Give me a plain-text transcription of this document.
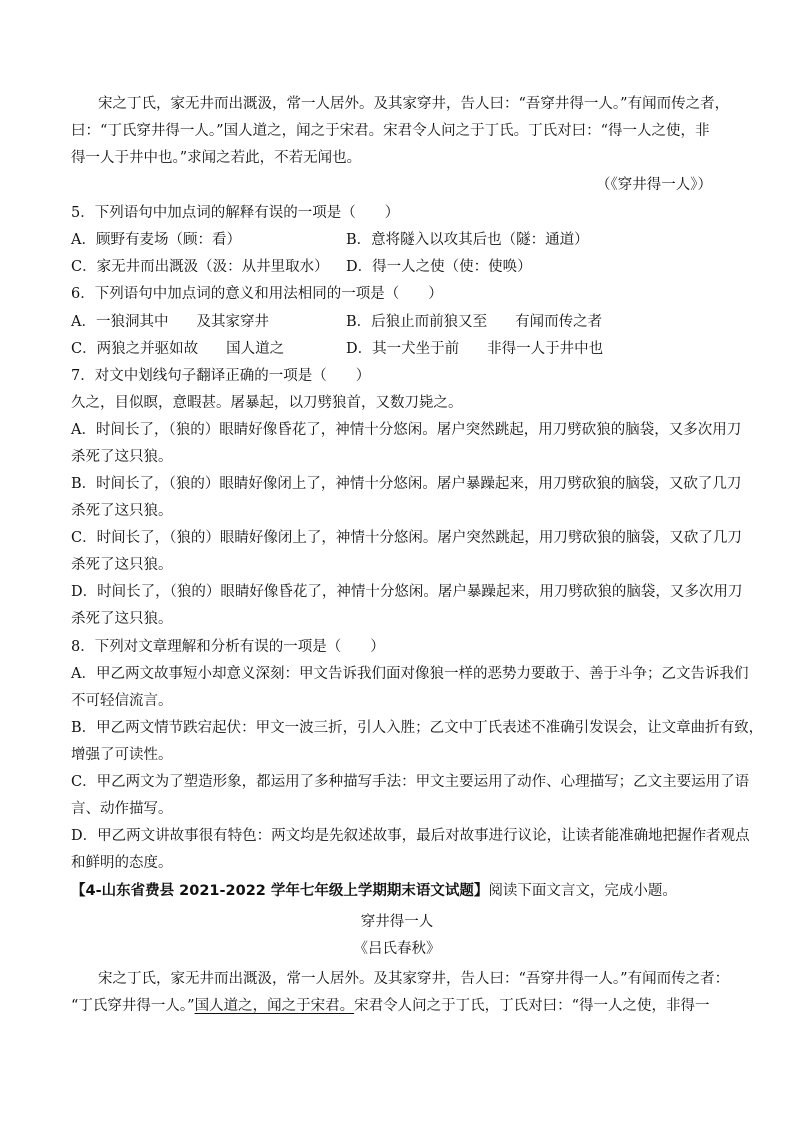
宋之丁氏，家无井而出溉汲，常一人居外。及其家穿井，告人曰：“吾穿井得一人。”有闻而传之者，
曰：“丁氏穿井得一人。”国人道之，闻之于宋君。宋君令人问之于丁氏。丁氏对曰：“得一人之使，非
得一人于井中也。”求闻之若此，不若无闻也。
（《穿井得一人》）
5．下列语句中加点词的解释有误的一项是（　　）
A．顾野有麦场（顾：看）	B．意将隧入以攻其后也（隧：通道）
C．家无井而出溉汲（汲：从井里取水） D．得一人之使（使：使唤）
6．下列语句中加点词的意义和用法相同的一项是（　　）
A．一狼洞其中 及其家穿井	B．后狼止而前狼又至 有闻而传之者
C．两狼之并驱如故 国人道之	D．其一犬坐于前 非得一人于井中也
7．对文中划线句子翻译正确的一项是（　　）
久之，目似瞑，意暇甚。屠暴起，以刀劈狼首，又数刀毙之。
A．时间长了，（狼的）眼睛好像昏花了，神情十分悠闲。屠户突然跳起，用刀劈砍狼的脑袋，又多次用刀
杀死了这只狼。
B．时间长了，（狼的）眼睛好像闭上了，神情十分悠闲。屠户暴躁起来，用刀劈砍狼的脑袋，又砍了几刀
杀死了这只狼。
C．时间长了，（狼的）眼睛好像闭上了，神情十分悠闲。屠户突然跳起，用刀劈砍狼的脑袋，又砍了几刀
杀死了这只狼。
D．时间长了，（狼的）眼睛好像昏花了，神情十分悠闲。屠户暴躁起来，用刀劈砍狼的脑袋，又多次用刀
杀死了这只狼。
8．下列对文章理解和分析有误的一项是（　　）
A．甲乙两文故事短小却意义深刻：甲文告诉我们面对像狼一样的恶势力要敢于、善于斗争；乙文告诉我们
不可轻信流言。
B．甲乙两文情节跌宕起伏：甲文一波三折，引人入胜；乙文中丁氏表述不准确引发误会，让文章曲折有致，
增强了可读性。
C．甲乙两文为了塑造形象，都运用了多种描写手法：甲文主要运用了动作、心理描写；乙文主要运用了语
言、动作描写。
D．甲乙两文讲故事很有特色：两文均是先叙述故事，最后对故事进行议论，让读者能准确地把握作者观点
和鲜明的态度。
【4-山东省费县 2021-2022 学年七年级上学期期末语文试题】阅读下面文言文，完成小题。
穿井得一人
《吕氏春秋》
宋之丁氏，家无井而出溉汲，常一人居外。及其家穿井，告人曰：“吾穿井得一人。”有闻而传之者：
“丁氏穿井得一人。”国人道之，闻之于宋君。宋君令人问之于丁氏，丁氏对曰：“得一人之使，非得一
